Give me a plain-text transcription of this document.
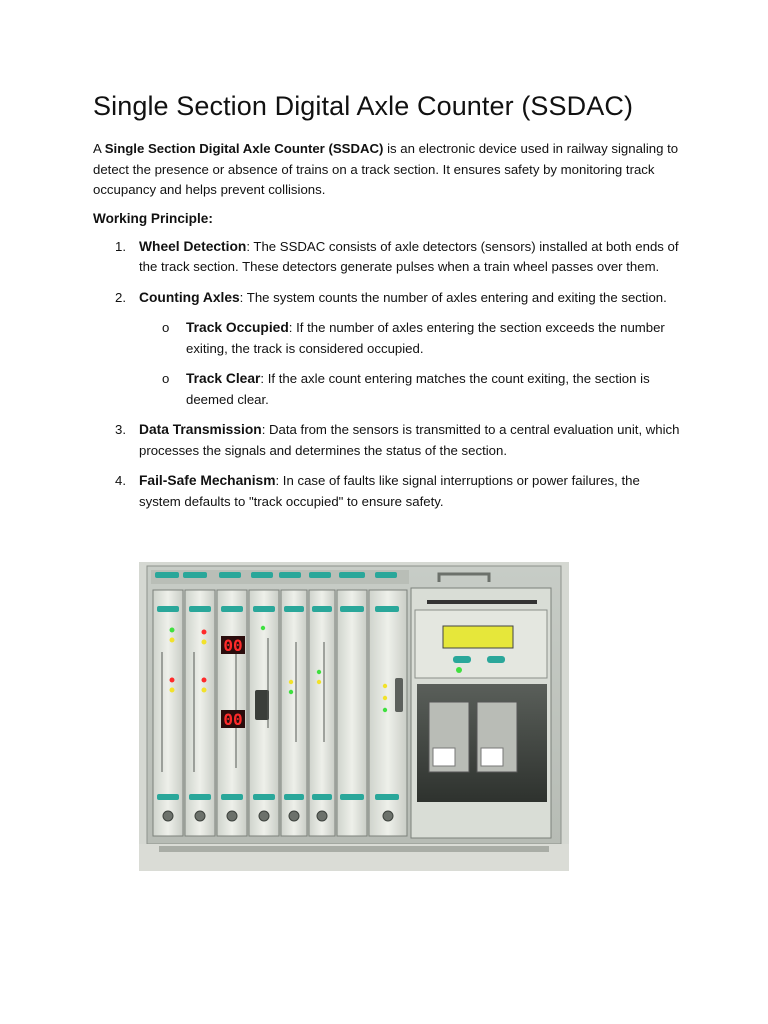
Single Section Digital Axle Counter (SSDAC)

A Single Section Digital Axle Counter (SSDAC) is an electronic device used in railway signaling to detect the presence or absence of trains on a track section. It ensures safety by monitoring track occupancy and helps prevent collisions.

Working Principle:
1. Wheel Detection: The SSDAC consists of axle detectors (sensors) installed at both ends of the track section. These detectors generate pulses when a train wheel passes over them.
2. Counting Axles: The system counts the number of axles entering and exiting the section.
o Track Occupied: If the number of axles entering the section exceeds the number exiting, the track is considered occupied.
o Track Clear: If the axle count entering matches the count exiting, the section is deemed clear.
3. Data Transmission: Data from the sensors is transmitted to a central evaluation unit, which processes the signals and determines the status of the section.
4. Fail-Safe Mechanism: In case of faults like signal interruptions or power failures, the system defaults to "track occupied" to ensure safety.
00
00
